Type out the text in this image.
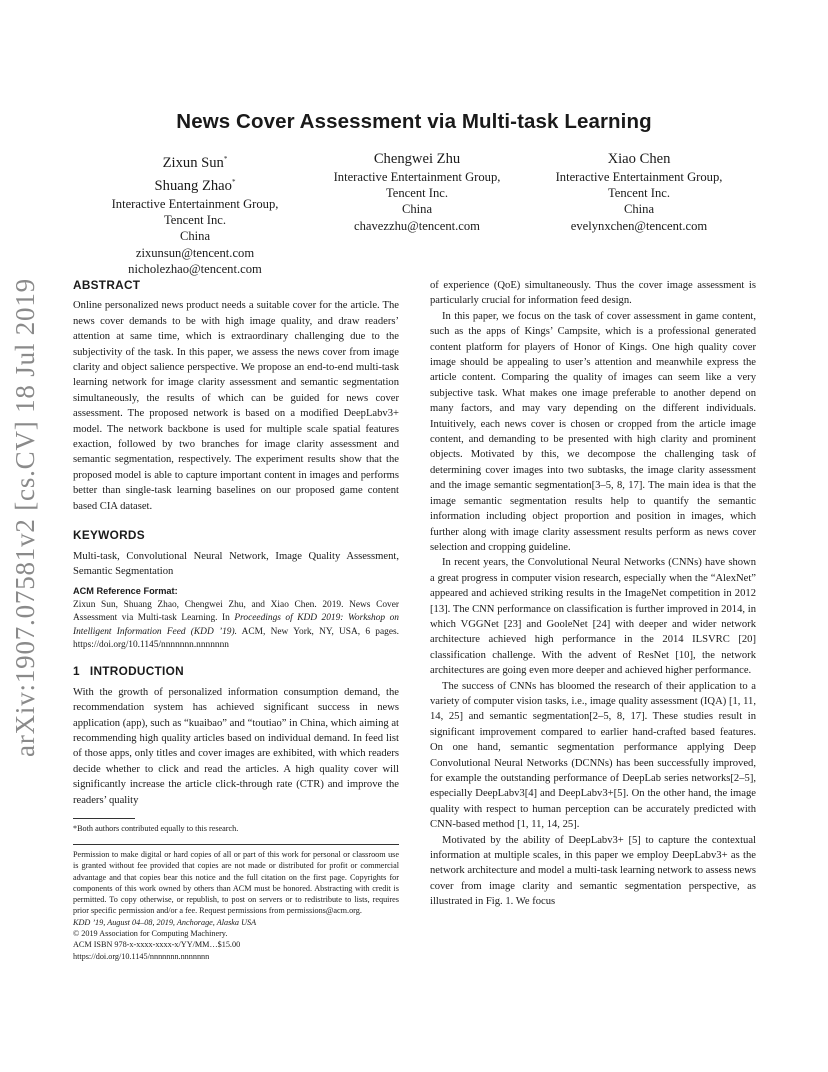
News Cover Assessment via Multi-task Learning
Zixun Sun*
Shuang Zhao*
Interactive Entertainment Group,
Tencent Inc.
China
zixunsun@tencent.com
nicholezhao@tencent.com
Chengwei Zhu
Interactive Entertainment Group,
Tencent Inc.
China
chavezzhu@tencent.com
Xiao Chen
Interactive Entertainment Group,
Tencent Inc.
China
evelynxchen@tencent.com
arXiv:1907.07581v2 [cs.CV] 18 Jul 2019	ABSTRACT

Online personalized news product needs a suitable cover for the article. The news cover demands to be with high image quality, and draw readers’ attention at same time, which is extraordinary challenging due to the subjectivity of the task. In this paper, we assess the news cover from image clarity and object salience perspective. We propose an end-to-end multi-task learning network for image clarity assessment and semantic segmentation simultaneously, the results of which can be guided for news cover assessment. The proposed network is based on a modified DeepLabv3+ model. The network backbone is used for multiple scale spatial features exaction, followed by two branches for image clarity assessment and semantic segmentation, respectively. The experiment results show that the proposed model is able to capture important content in images and performs better than single-task learning baselines on our proposed game content based CIA dataset.

KEYWORDS

Multi-task, Convolutional Neural Network, Image Quality Assessment, Semantic Segmentation

ACM Reference Format:

Zixun Sun, Shuang Zhao, Chengwei Zhu, and Xiao Chen. 2019. News Cover Assessment via Multi-task Learning. In Proceedings of KDD 2019: Workshop on Intelligent Information Feed (KDD ’19). ACM, New York, NY, USA, 6 pages. https://doi.org/10.1145/nnnnnnn.nnnnnnn

1 INTRODUCTION

With the growth of personalized information consumption demand, the recommendation system has achieved significant success in news application (app), such as “kuaibao” and “toutiao” in China, which aiming at recommending high quality articles based on individual demand. In feed list of those apps, only titles and cover images are exhibited, with which readers decide whether to click and read the articles. A high quality cover will significantly increase the article click-through rate (CTR) and improve the readers’ quality

*Both authors contributed equally to this research.
Permission to make digital or hard copies of all or part of this work for personal or classroom use is granted without fee provided that copies are not made or distributed for profit or commercial advantage and that copies bear this notice and the full citation on the first page. Copyrights for components of this work owned by others than ACM must be honored. Abstracting with credit is permitted. To copy otherwise, or republish, to post on servers or to redistribute to lists, requires prior specific permission and/or a fee. Request permissions from permissions@acm.org.
KDD ’19, August 04–08, 2019, Anchorage, Alaska USA
© 2019 Association for Computing Machinery.
ACM ISBN 978-x-xxxx-xxxx-x/YY/MM…$15.00
https://doi.org/10.1145/nnnnnnn.nnnnnnn

of experience (QoE) simultaneously. Thus the cover image assessment is particularly crucial for information feed design.

In this paper, we focus on the task of cover assessment in game content, such as the apps of Kings’ Campsite, which is a professional generated content platform for players of Honor of Kings. One high quality cover image should be appealing to user’s attention and meanwhile express the article content. Comparing the quality of images can seem like a very subjective task. What makes one image preferable to another depend on many factors, and may vary depending on the different individuals. Intuitively, each news cover is chosen or cropped from the article image content, and demanding to be presented with high clarity and prominent objects. Motivated by this, we decompose the challenging task of determining cover images into two subtasks, the image clarity assessment and the image semantic segmentation[3–5, 8, 17]. The main idea is that the image semantic segmentation results help to quantify the semantic information including object proportion and position in images, which further along with image clarity assessment results perform as news cover selection and cropping guideline.

In recent years, the Convolutional Neural Networks (CNNs) have shown a great progress in computer vision research, especially when the “AlexNet” appeared and achieved striking results in the ImageNet competition in 2012 [13]. The CNN performance on classification is further improved in 2014, in which VGGNet [23] and GooleNet [24] with deeper and wider network architecture achieved high performance in the 2014 ILSVRC [20] classification challenge. With the advent of ResNet [10], the network architectures are going even more deeper and achieved higher performance.

The success of CNNs has bloomed the research of their application to a variety of computer vision tasks, i.e., image quality assessment (IQA) [1, 11, 14, 25] and semantic segmentation[2–5, 8, 17]. These studies result in significant improvement compared to earlier hand-crafted based features. On one hand, semantic segmentation performance applying Deep Convolutional Neural Networks (DCNNs) has been successfully improved, for example the outstanding performance of DeepLab series networks[2–5], especially DeepLabv3[4] and DeepLabv3+[5]. On the other hand, the image quality with respect to human perception can be accurately predicted with CNN-based method [1, 11, 14, 25].

Motivated by the ability of DeepLabv3+ [5] to capture the contextual information at multiple scales, in this paper we employ DeepLabv3+ as the network architecture and model a multi-task learning network to assess news cover from image clarity and semantic segmentation perspective, as illustrated in Fig. 1. We focus
